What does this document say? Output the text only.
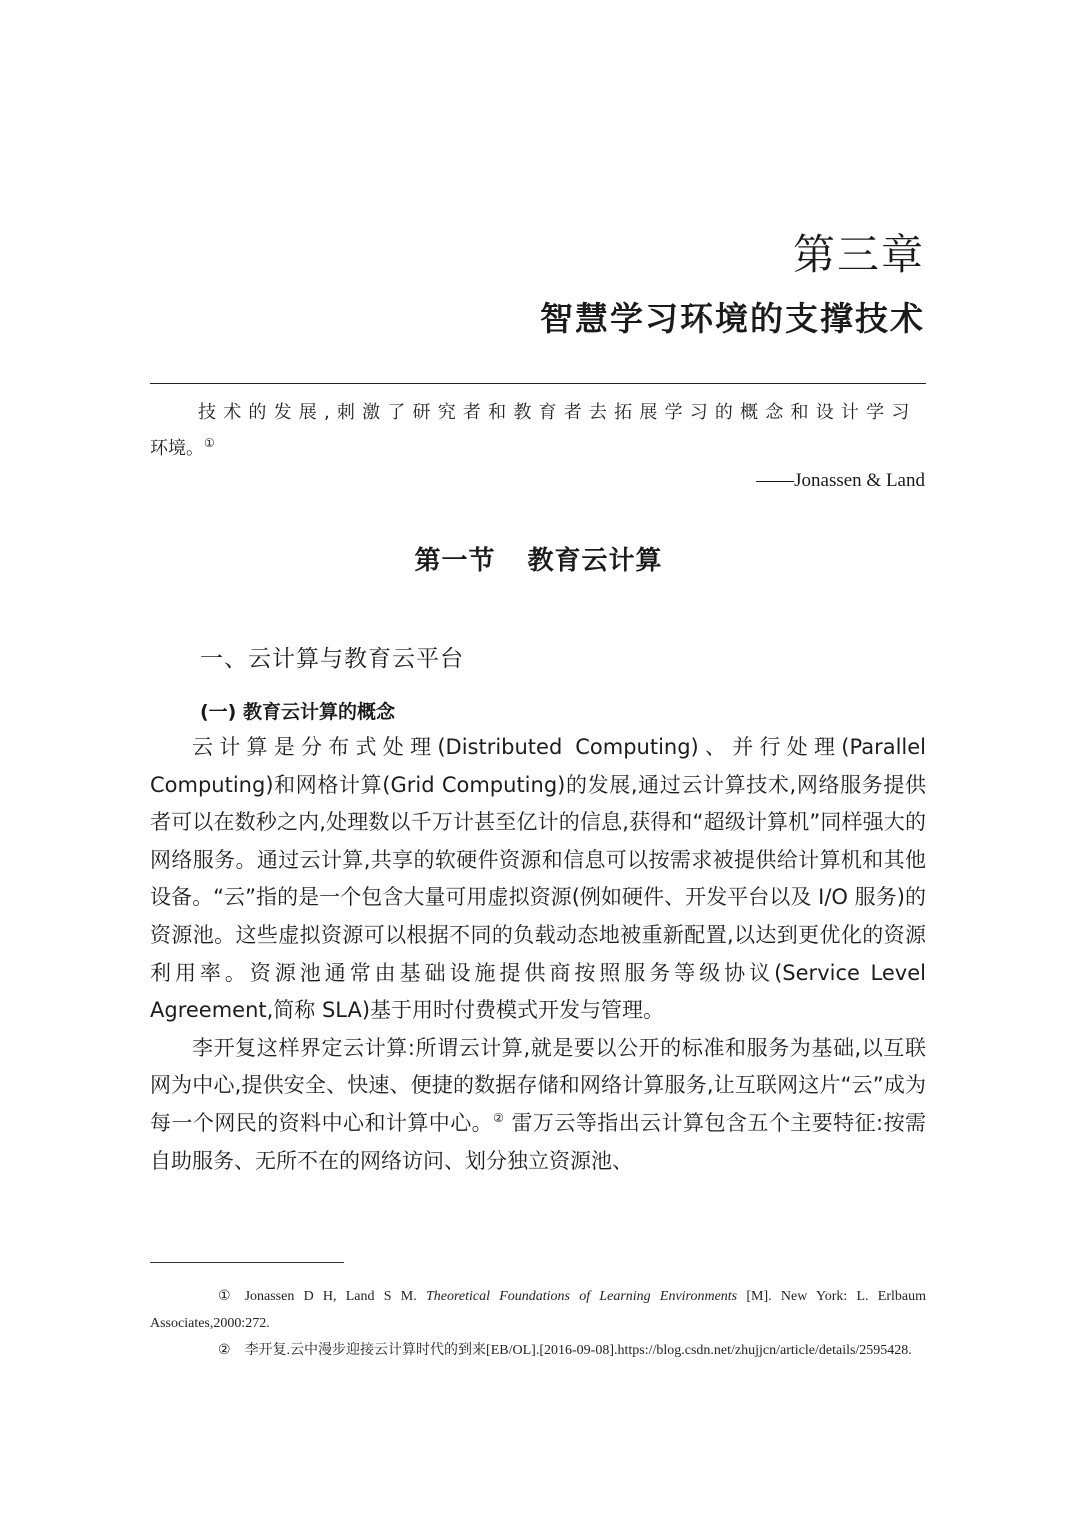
第三章
智慧学习环境的支撑技术
技术的发展,刺激了研究者和教育者去拓展学习的概念和设计学习
环境。①
——Jonassen & Land
第一节 教育云计算
一、云计算与教育云平台
(一) 教育云计算的概念

云计算是分布式处理(Distributed Computing)、并行处理(Parallel Computing)和网格计算(Grid Computing)的发展,通过云计算技术,网络服务提供者可以在数秒之内,处理数以千万计甚至亿计的信息,获得和“超级计算机”同样强大的网络服务。通过云计算,共享的软硬件资源和信息可以按需求被提供给计算机和其他设备。“云”指的是一个包含大量可用虚拟资源(例如硬件、开发平台以及 I/O 服务)的资源池。这些虚拟资源可以根据不同的负载动态地被重新配置,以达到更优化的资源利用率。资源池通常由基础设施提供商按照服务等级协议(Service Level Agreement,简称 SLA)基于用时付费模式开发与管理。

李开复这样界定云计算:所谓云计算,就是要以公开的标准和服务为基础,以互联网为中心,提供安全、快速、便捷的数据存储和网络计算服务,让互联网这片“云”成为每一个网民的资料中心和计算中心。② 雷万云等指出云计算包含五个主要特征:按需自助服务、无所不在的网络访问、划分独立资源池、

① Jonassen D H, Land S M. Theoretical Foundations of Learning Environments [M]. New York: L. Erlbaum Associates,2000:272.

② 李开复.云中漫步迎接云计算时代的到来[EB/OL].[2016-09-08].https://blog.csdn.net/zhujjcn/article/details/2595428.
